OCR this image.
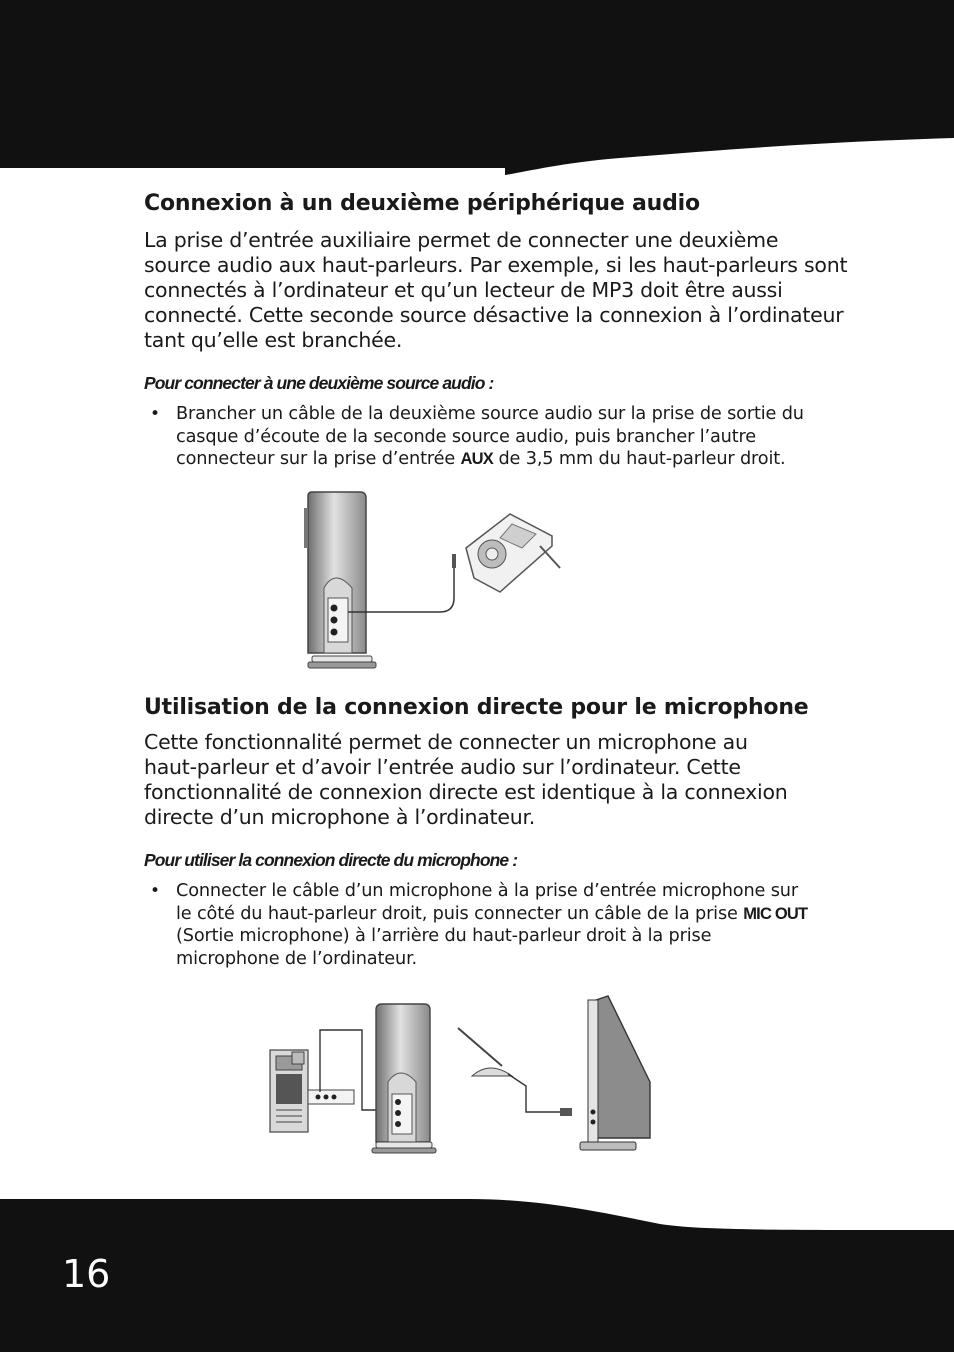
16
Connexion à un deuxième périphérique audio

La prise d’entrée auxiliaire permet de connecter une deuxième

source audio aux haut-parleurs. Par exemple, si les haut-parleurs sont

connectés à l’ordinateur et qu’un lecteur de MP3 doit être aussi

connecté. Cette seconde source désactive la connexion à l’ordinateur

tant qu’elle est branchée.

Pour connecter à une deuxième source audio :

• Brancher un câble de la deuxième source audio sur la prise de sortie du

casque d’écoute de la seconde source audio, puis brancher l’autre

connecteur sur la prise d’entrée AUX de 3,5 mm du haut-parleur droit.

Utilisation de la connexion directe pour le microphone

Cette fonctionnalité permet de connecter un microphone au

haut-parleur et d’avoir l’entrée audio sur l’ordinateur. Cette

fonctionnalité de connexion directe est identique à la connexion

directe d’un microphone à l’ordinateur.

Pour utiliser la connexion directe du microphone :

• Connecter le câble d’un microphone à la prise d’entrée microphone sur

le côté du haut-parleur droit, puis connecter un câble de la prise MIC OUT

(Sortie microphone) à l’arrière du haut-parleur droit à la prise

microphone de l’ordinateur.
